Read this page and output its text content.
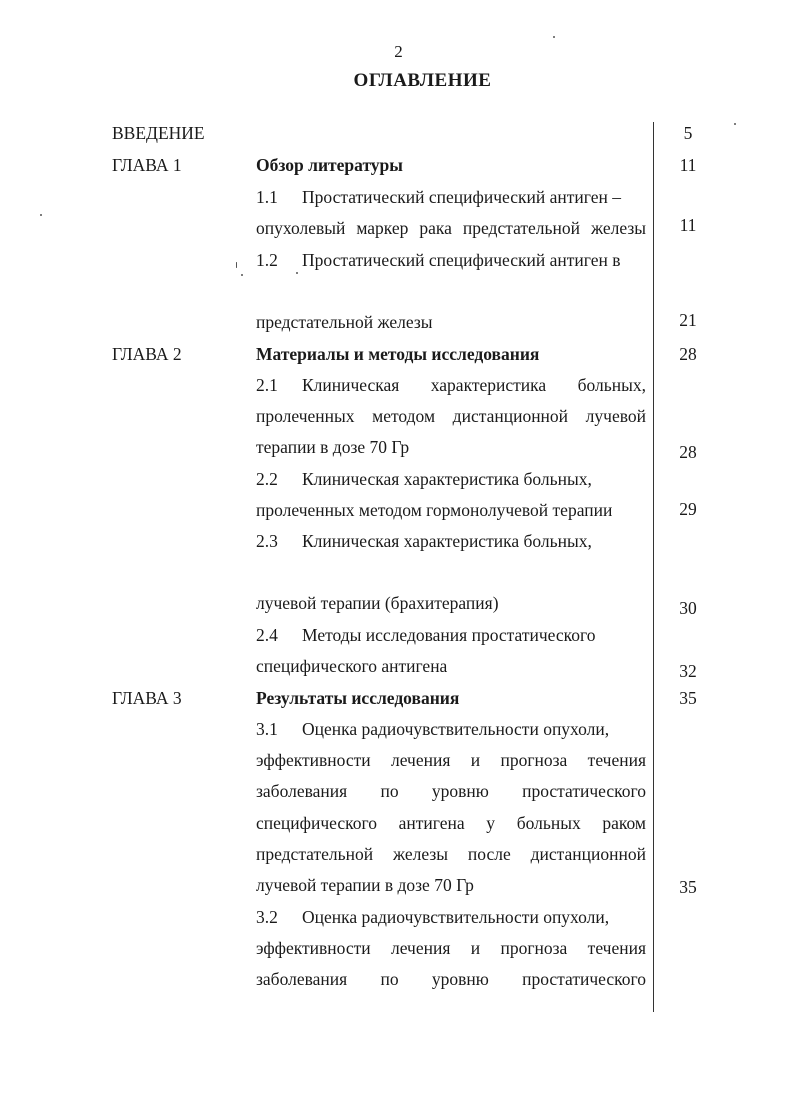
2
ОГЛАВЛЕНИЕ
ВВЕДЕНИЕ	5
ГЛАВА 1	Обзор литературы	11
1.1 Простатический специфический антиген –
опухолевый маркер рака предстательной железы	11
1.2 Простатический специфический антиген в
предстательной железы	21
ГЛАВА 2	Материалы и методы исследования	28
2.1 Клиническая характеристика больных,
пролеченных методом дистанционной лучевой
терапии в дозе 70 Гр	28
2.2 Клиническая характеристика больных,
пролеченных методом гормонолучевой терапии	29
2.3 Клиническая характеристика больных,
лучевой терапии (брахитерапия)	30
2.4 Методы исследования простатического
специфического антигена	32
ГЛАВА 3	Результаты исследования	35
3.1 Оценка радиочувствительности опухоли,
эффективности лечения и прогноза течения
заболевания по уровню простатического
специфического антигена у больных раком
предстательной железы после дистанционной
лучевой терапии в дозе 70 Гр	35
3.2 Оценка радиочувствительности опухоли,
эффективности лечения и прогноза течения
заболевания по уровню простатического
